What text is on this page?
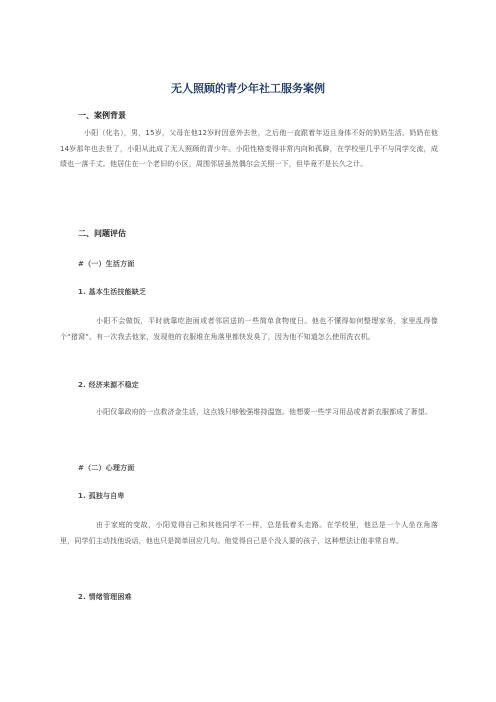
无人照顾的青少年社工服务案例
一、案例背景

小阳（化名），男，15岁，父母在他12岁时因意外去世，之后他一直跟着年迈且身体不好的奶奶生活。奶奶在他14岁那年也去世了，小阳从此成了无人照顾的青少年。小阳性格变得非常内向和孤僻，在学校里几乎不与同学交流，成绩也一落千丈。他居住在一个老旧的小区，周围邻居虽然偶尔会关照一下，但毕竟不是长久之计。

二、问题评估
#（一）生活方面
1. 基本生活技能缺乏

小阳不会做饭，平时就靠吃泡面或者邻居送的一些简单食物度日。他也不懂得如何整理家务，家里乱得像个“猪窝”。有一次我去他家，发现他的衣服堆在角落里都快发臭了，因为他不知道怎么使用洗衣机。

2. 经济来源不稳定

小阳仅靠政府的一点救济金生活，这点钱只够勉强维持温饱。他想要一些学习用品或者新衣服都成了奢望。

#（二）心理方面
1. 孤独与自卑

由于家庭的变故，小阳觉得自己和其他同学不一样，总是低着头走路。在学校里，他总是一个人坐在角落里，同学们主动找他说话，他也只是简单回应几句。他觉得自己是个没人要的孩子，这种想法让他非常自卑。

2. 情绪管理困难
